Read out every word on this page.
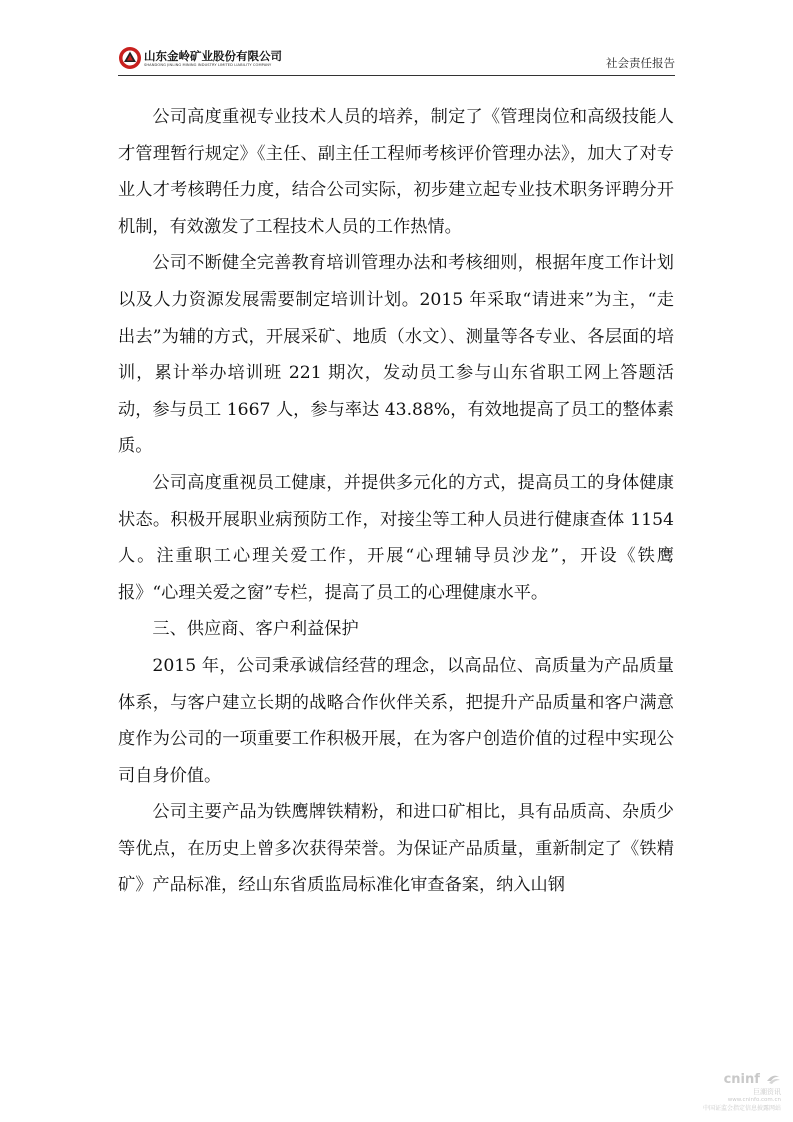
山东金岭矿业股份有限公司
SHANDONG JINLING MINING INDUSTRY LIMITED LIABILITY COMPANY	社会责任报告

公司高度重视专业技术人员的培养，制定了《管理岗位和高级技能人才管理暂行规定》《主任、副主任工程师考核评价管理办法》，加大了对专业人才考核聘任力度，结合公司实际，初步建立起专业技术职务评聘分开机制，有效激发了工程技术人员的工作热情。

公司不断健全完善教育培训管理办法和考核细则，根据年度工作计划以及人力资源发展需要制定培训计划。2015 年采取“请进来”为主，“走出去”为辅的方式，开展采矿、地质（水文）、测量等各专业、各层面的培训，累计举办培训班 221 期次，发动员工参与山东省职工网上答题活动，参与员工 1667 人，参与率达 43.88%，有效地提高了员工的整体素质。

公司高度重视员工健康，并提供多元化的方式，提高员工的身体健康状态。积极开展职业病预防工作，对接尘等工种人员进行健康查体 1154 人。注重职工心理关爱工作，开展“心理辅导员沙龙”，开设《铁鹰报》“心理关爱之窗”专栏，提高了员工的心理健康水平。

三、供应商、客户利益保护

2015 年，公司秉承诚信经营的理念，以高品位、高质量为产品质量体系，与客户建立长期的战略合作伙伴关系，把提升产品质量和客户满意度作为公司的一项重要工作积极开展，在为客户创造价值的过程中实现公司自身价值。

公司主要产品为铁鹰牌铁精粉，和进口矿相比，具有品质高、杂质少等优点，在历史上曾多次获得荣誉。为保证产品质量，重新制定了《铁精矿》产品标准，经山东省质监局标准化审查备案，纳入山钢

cninf
巨潮资讯
www.cninfo.com.cn
中国证监会指定信息披露网站
